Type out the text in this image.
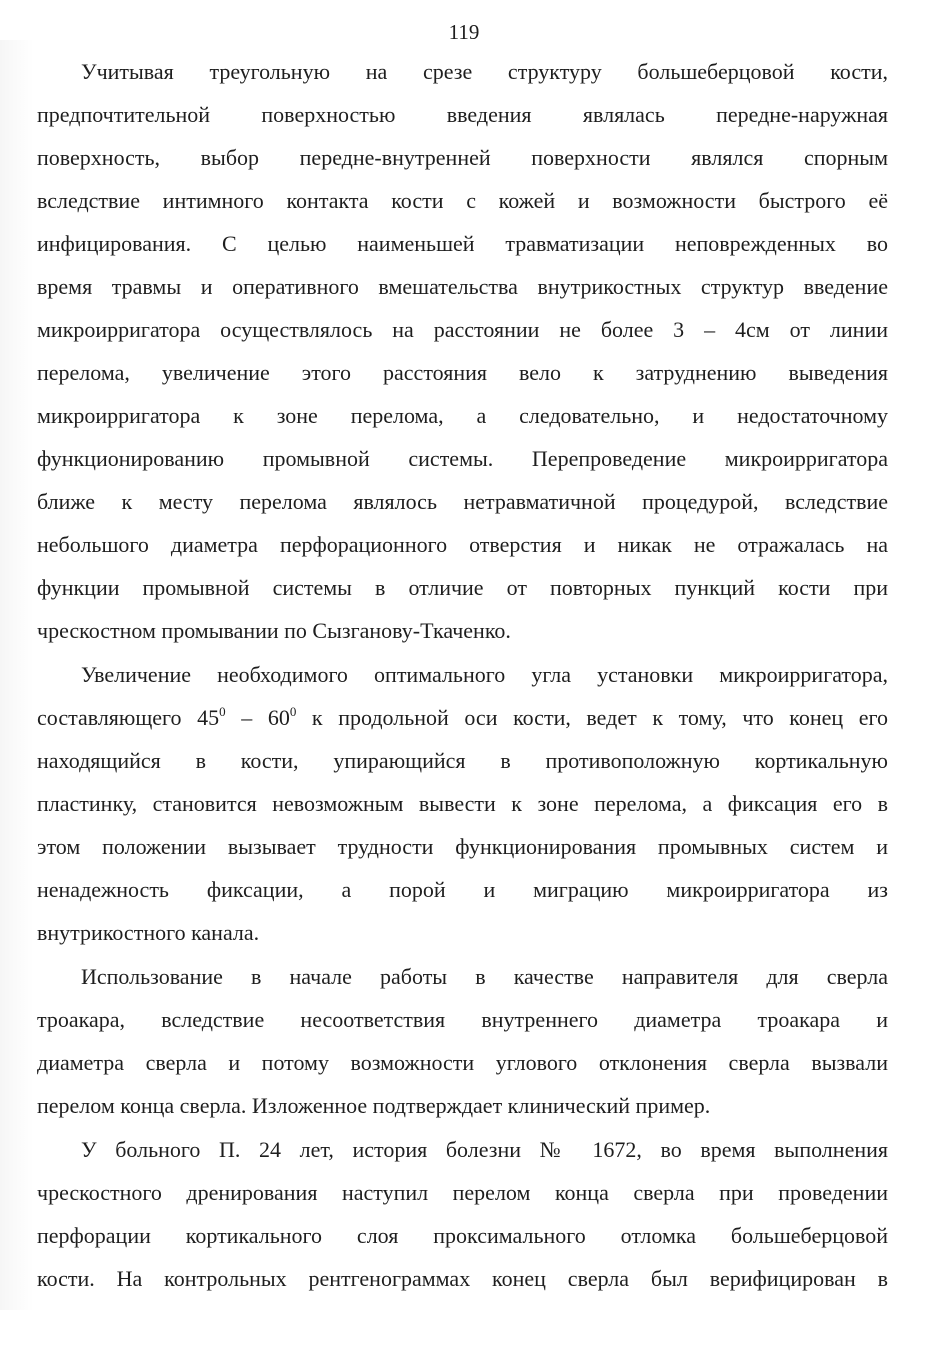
119
Учитывая треугольную на срезе структуру большеберцовой кости,
предпочтительной поверхностью введения являлась передне-наружная
поверхность, выбор передне-внутренней поверхности являлся спорным
вследствие интимного контакта кости с кожей и возможности быстрого её
инфицирования. С целью наименьшей травматизации неповрежденных во
время травмы и оперативного вмешательства внутрикостных структур введение
микроирригатора осуществлялось на расстоянии не более 3 – 4см от линии
перелома, увеличение этого расстояния вело к затруднению выведения
микроирригатора к зоне перелома, а следовательно, и недостаточному
функционированию промывной системы. Перепроведение микроирригатора
ближе к месту перелома являлось нетравматичной процедурой, вследствие
небольшого диаметра перфорационного отверстия и никак не отражалась на
функции промывной системы в отличие от повторных пункций кости при
чрескостном промывании по Сызганову-Ткаченко.
Увеличение необходимого оптимального угла установки микроирригатора,
составляющего $45^0 - 60^0$ к продольной оси кости, ведет к тому, что конец его
находящийся в кости, упирающийся в противоположную кортикальную
пластинку, становится невозможным вывести к зоне перелома, а фиксация его в
этом положении вызывает трудности функционирования промывных систем и
ненадежность фиксации, а порой и миграцию микроирригатора из
внутрикостного канала.
Использование в начале работы в качестве направителя для сверла
троакара, вследствие несоответствия внутреннего диаметра троакара и
диаметра сверла и потому возможности углового отклонения сверла вызвали
перелом конца сверла. Изложенное подтверждает клинический пример.
У больного П. 24 лет, история болезни № 1672, во время выполнения
чрескостного дренирования наступил перелом конца сверла при проведении
перфорации кортикального слоя проксимального отломка большеберцовой
кости. На контрольных рентгенограммах конец сверла был верифицирован в
